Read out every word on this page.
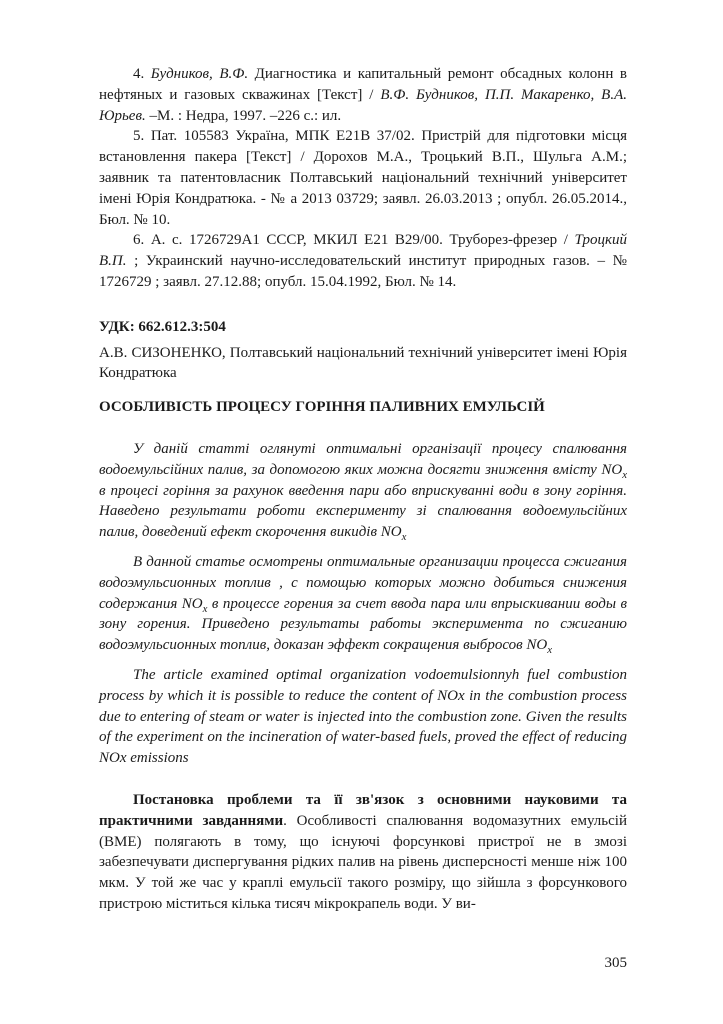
4. Будников, В.Ф. Диагностика и капитальный ремонт обсадных колонн в нефтяных и газовых скважинах [Текст] / В.Ф. Будников, П.П. Макаренко, В.А. Юрьев. –М. : Недра, 1997. –226 с.: ил.

5. Пат. 105583 Україна, МПК Е21В 37/02. Пристрій для підготовки місця встановлення пакера [Текст] / Дорохов М.А., Троцький В.П., Шульга А.М.; заявник та патентовласник Полтавський національний технічний університет імені Юрія Кондратюка. - № а 2013 03729; заявл. 26.03.2013 ; опубл. 26.05.2014., Бюл. № 10.

6. А. с. 1726729А1 СССР, МКИЛ Е21 В29/00. Труборез-фрезер / Троцкий В.П. ; Украинский научно-исследовательский институт природных газов. – № 1726729 ; заявл. 27.12.88; опубл. 15.04.1992, Бюл. № 14.

УДК: 662.612.3:504

А.В. СИЗОНЕНКО, Полтавський національний технічний університет імені Юрія Кондратюка

ОСОБЛИВІСТЬ ПРОЦЕСУ ГОРІННЯ ПАЛИВНИХ ЕМУЛЬСІЙ

У даній статті оглянуті оптимальні організації процесу спалювання водоемульсійних палив, за допомогою яких можна досягти зниження вмісту $NO_x$ в процесі горіння за рахунок введення пари або вприскуванні води в зону горіння. Наведено результати роботи експерименту зі спалювання водоемульсійних палив, доведений ефект скорочення викидів $NO_x$

В данной статье осмотрены оптимальные организации процесса сжигания водоэмульсионных топлив , с помощью которых можно добиться снижения содержания $NO_x$ в процессе горения за счет ввода пара или впрыскивании воды в зону горения. Приведено результаты работы эксперимента по сжиганию водоэмульсионных топлив, доказан эффект сокращения выбросов $NO_x$

The article examined optimal organization vodoemulsionnyh fuel combustion process by which it is possible to reduce the content of NOx in the combustion process due to entering of steam or water is injected into the combustion zone. Given the results of the experiment on the incineration of water-based fuels, proved the effect of reducing NOx emissions

Постановка проблеми та її зв'язок з основними науковими та практичними завданнями. Особливості спалювання водомазутних емульсій (ВМЕ) полягають в тому, що існуючі форсункові пристрої не в змозі забезпечувати диспергування рідких палив на рівень дисперсності менше ніж 100 мкм. У той же час у краплі емульсії такого розміру, що зійшла з форсункового пристрою міститься кілька тисяч мікрокрапель води. У ви-

305
